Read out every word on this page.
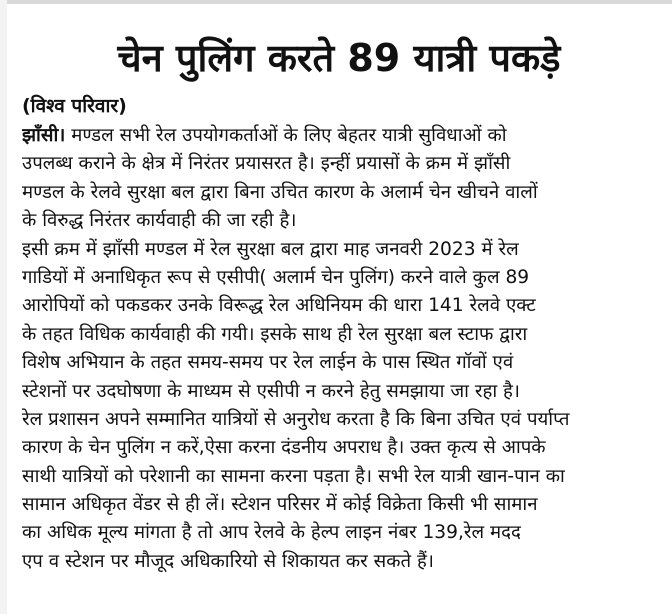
चेन पुलिंग करते 89 यात्री पकड़े
(विश्व परिवार)
झाँसी। मण्डल सभी रेल उपयोगकर्ताओं के लिए बेहतर यात्री सुविधाओं को
उपलब्ध कराने के क्षेत्र में निरंतर प्रयासरत है। इन्हीं प्रयासों के क्रम में झाँसी
मण्डल के रेलवे सुरक्षा बल द्वारा बिना उचित कारण के अलार्म चेन खीचने वालों
के विरुद्ध निरंतर कार्यवाही की जा रही है।
इसी क्रम में झाँसी मण्डल में रेल सुरक्षा बल द्वारा माह जनवरी 2023 में रेल
गाडियों में अनाधिकृत रूप से एसीपी( अलार्म चेन पुलिंग) करने वाले कुल 89
आरोपियों को पकडकर उनके विरूद्ध रेल अधिनियम की धारा 141 रेलवे एक्ट
के तहत विधिक कार्यवाही की गयी। इसके साथ ही रेल सुरक्षा बल स्टाफ द्वारा
विशेष अभियान के तहत समय-समय पर रेल लाईन के पास स्थित गॉवों एवं
स्टेशनों पर उदघोषणा के माध्यम से एसीपी न करने हेतु समझाया जा रहा है।
रेल प्रशासन अपने सम्मानित यात्रियों से अनुरोध करता है कि बिना उचित एवं पर्याप्त
कारण के चेन पुलिंग न करें,ऐसा करना दंडनीय अपराध है। उक्त कृत्य से आपके
साथी यात्रियों को परेशानी का सामना करना पड़ता है। सभी रेल यात्री खान-पान का
सामान अधिकृत वेंडर से ही लें। स्टेशन परिसर में कोई विक्रेता किसी भी सामान
का अधिक मूल्य मांगता है तो आप रेलवे के हेल्प लाइन नंबर 139,रेल मदद
एप व स्टेशन पर मौजूद अधिकारियो से शिकायत कर सकते हैं।
